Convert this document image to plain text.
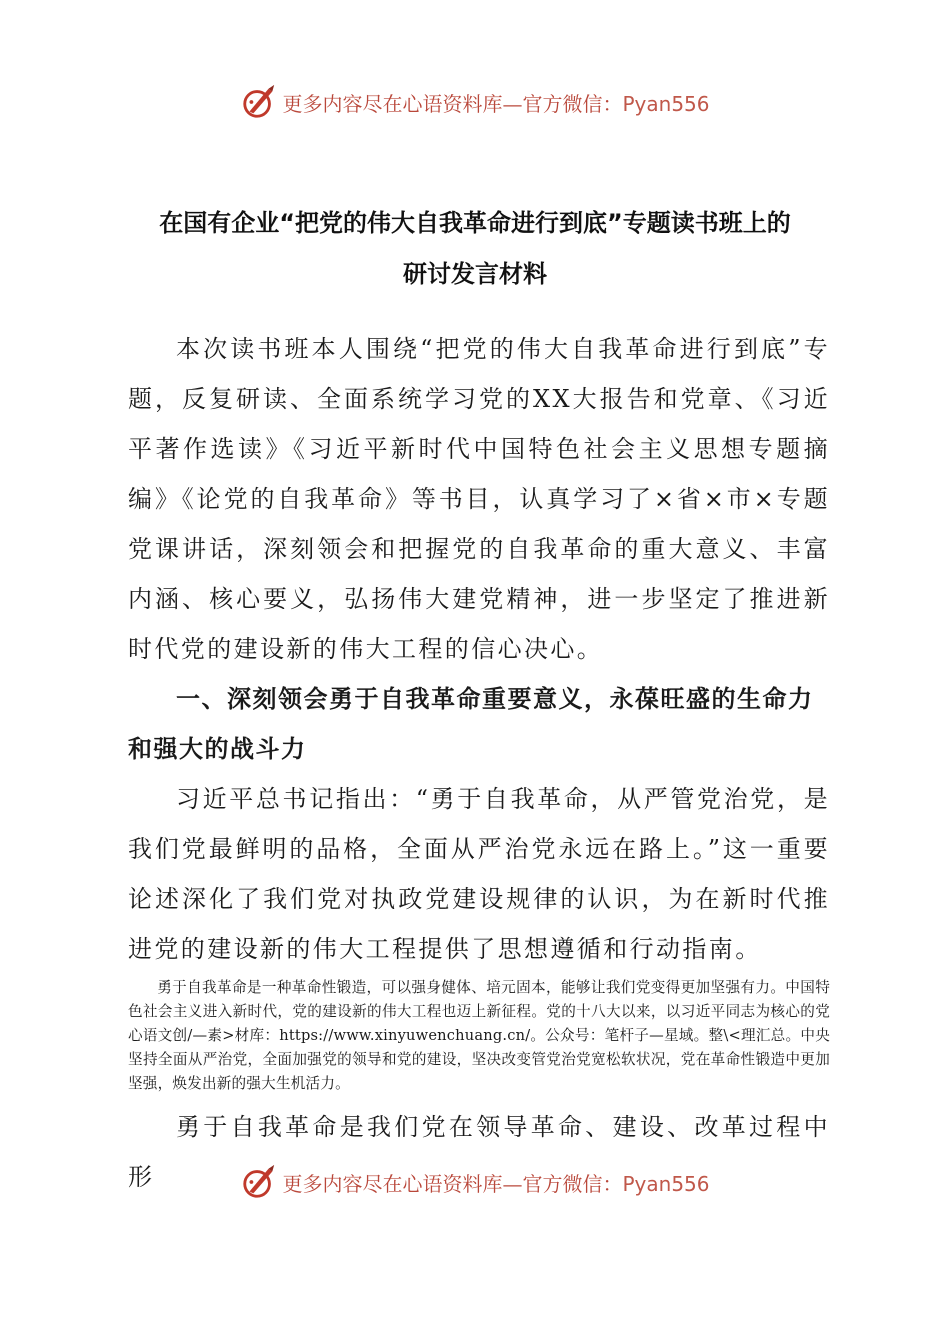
更多内容尽在心语资料库—官方微信：Pyan556
在国有企业“把党的伟大自我革命进行到底”专题读书班上的
研讨发言材料

本次读书班本人围绕“把党的伟大自我革命进行到底”专题，反复研读、全面系统学习党的XX大报告和党章、《习近平著作选读》《习近平新时代中国特色社会主义思想专题摘编》《论党的自我革命》等书目，认真学习了×省×市×专题党课讲话，深刻领会和把握党的自我革命的重大意义、丰富内涵、核心要义，弘扬伟大建党精神，进一步坚定了推进新时代党的建设新的伟大工程的信心决心。

一、深刻领会勇于自我革命重要意义，永葆旺盛的生命力和强大的战斗力

习近平总书记指出：“勇于自我革命，从严管党治党，是我们党最鲜明的品格，全面从严治党永远在路上。”这一重要论述深化了我们党对执政党建设规律的认识，为在新时代推进党的建设新的伟大工程提供了思想遵循和行动指南。

勇于自我革命是一种革命性锻造，可以强身健体、培元固本，能够让我们党变得更加坚强有力。中国特色社会主义进入新时代，党的建设新的伟大工程也迈上新征程。党的十八大以来，以习近平同志为核心的党心语文创/—素>材库：https://www.xinyuwenchuang.cn/。公众号：笔杆子—星域。整\<理汇总。中央坚持全面从严治党，全面加强党的领导和党的建设，坚决改变管党治党宽松软状况，党在革命性锻造中更加坚强，焕发出新的强大生机活力。

勇于自我革命是我们党在领导革命、建设、改革过程中形	更多内容尽在心语资料库—官方微信：Pyan556
